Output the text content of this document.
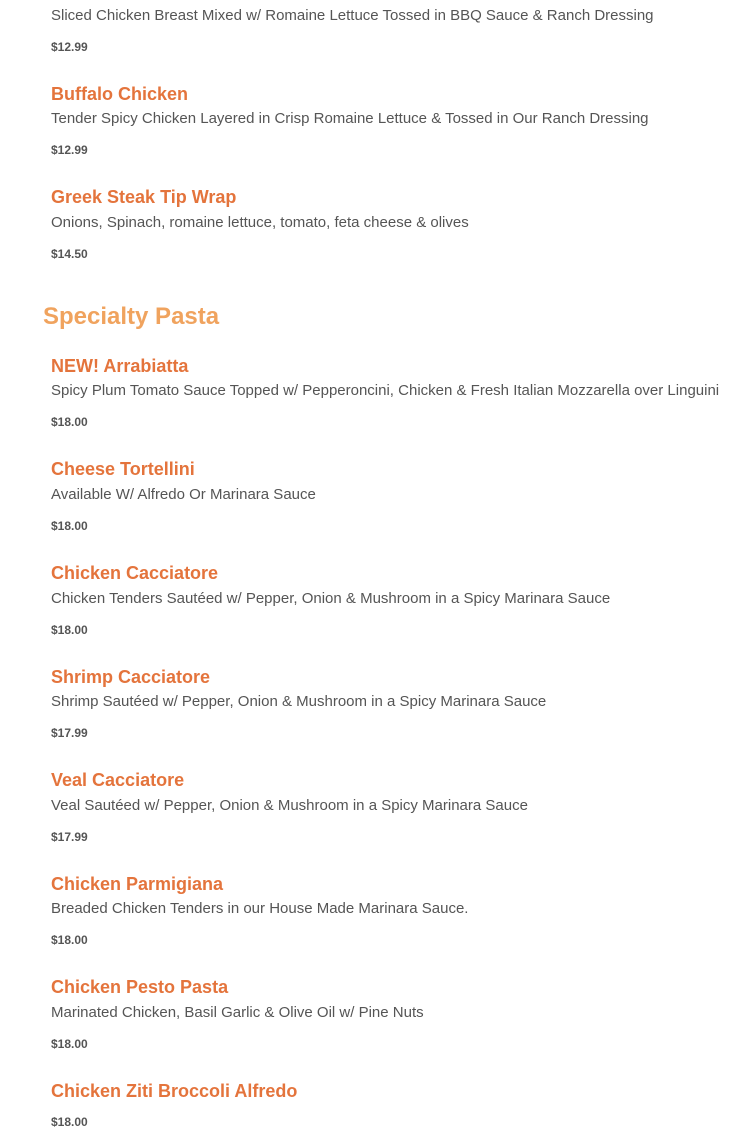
Sliced Chicken Breast Mixed w/ Romaine Lettuce Tossed in BBQ Sauce & Ranch Dressing
$12.99
Buffalo Chicken
Tender Spicy Chicken Layered in Crisp Romaine Lettuce & Tossed in Our Ranch Dressing
$12.99
Greek Steak Tip Wrap
Onions, Spinach, romaine lettuce, tomato, feta cheese & olives
$14.50
Specialty Pasta
NEW! Arrabiatta
Spicy Plum Tomato Sauce Topped w/ Pepperoncini, Chicken & Fresh Italian Mozzarella over Linguini
$18.00
Cheese Tortellini
Available W/ Alfredo Or Marinara Sauce
$18.00
Chicken Cacciatore
Chicken Tenders Sautéed w/ Pepper, Onion & Mushroom in a Spicy Marinara Sauce
$18.00
Shrimp Cacciatore
Shrimp Sautéed w/ Pepper, Onion & Mushroom in a Spicy Marinara Sauce
$17.99
Veal Cacciatore
Veal Sautéed w/ Pepper, Onion & Mushroom in a Spicy Marinara Sauce
$17.99
Chicken Parmigiana
Breaded Chicken Tenders in our House Made Marinara Sauce.
$18.00
Chicken Pesto Pasta
Marinated Chicken, Basil Garlic & Olive Oil w/ Pine Nuts
$18.00
Chicken Ziti Broccoli Alfredo
$18.00
